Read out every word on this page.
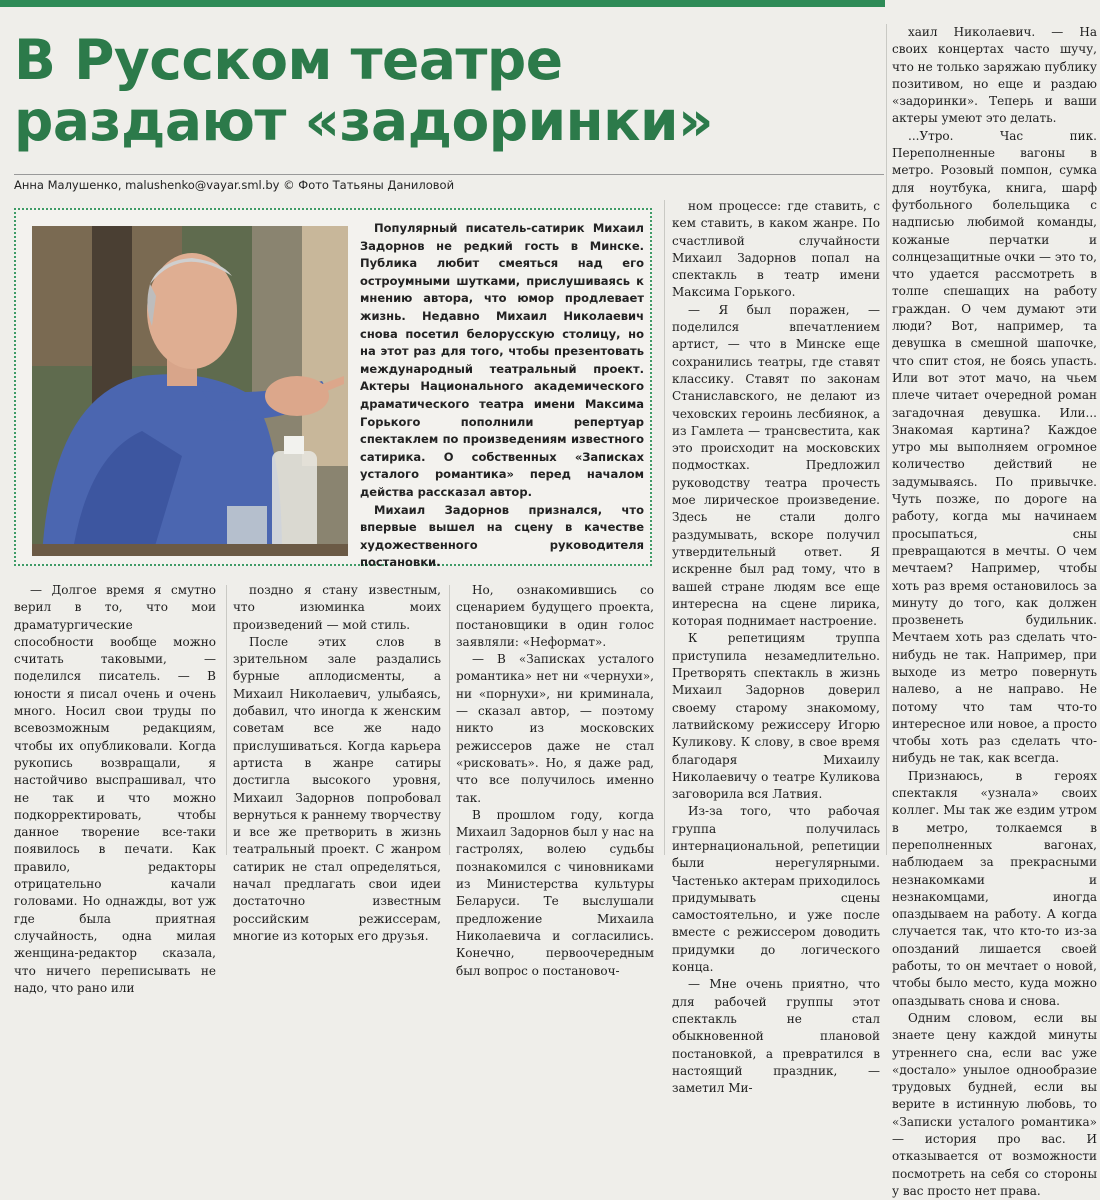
В Русском театре
раздают «задоринки»
Анна Малушенко, malushenko@vayar.sml.by © Фото Татьяны Даниловой

Популярный писатель-сатирик Михаил Задорнов не редкий гость в Минске. Публика любит смеяться над его остроумными шутками, прислушиваясь к мнению автора, что юмор продлевает жизнь. Недавно Михаил Николаевич снова посетил белорусскую столицу, но на этот раз для того, чтобы презентовать международный театральный проект. Актеры Национального академического драматического театра имени Максима Горького пополнили репертуар спектаклем по произведениям известного сатирика. О собственных «Записках усталого романтика» перед началом действа рассказал автор.

Михаил Задорнов признался, что впервые вышел на сцену в качестве художественного руководителя постановки.

— Долгое время я смутно верил в то, что мои драматургические способности вообще можно считать таковыми, — поделился писатель. — В юности я писал очень и очень много. Носил свои труды по всевозможным редакциям, чтобы их опубликовали. Когда рукопись возвращали, я настойчиво выспрашивал, что не так и что можно подкорректировать, чтобы данное творение все-таки появилось в печати. Как правило, редакторы отрицательно качали головами. Но однажды, вот уж где была приятная случайность, одна милая женщина-редактор сказала, что ничего переписывать не надо, что рано или

поздно я стану известным, что изюминка моих произведений — мой стиль.

После этих слов в зрительном зале раздались бурные аплодисменты, а Михаил Николаевич, улыбаясь, добавил, что иногда к женским советам все же надо прислушиваться. Когда карьера артиста в жанре сатиры достигла высокого уровня, Михаил Задорнов попробовал вернуться к раннему творчеству и все же претворить в жизнь театральный проект. С жанром сатирик не стал определяться, начал предлагать свои идеи достаточно известным российским режиссерам, многие из которых его друзья.

Но, ознакомившись со сценарием будущего проекта, постановщики в один голос заявляли: «Неформат».

— В «Записках усталого романтика» нет ни «чернухи», ни «порнухи», ни криминала, — сказал автор, — поэтому никто из московских режиссеров даже не стал «рисковать». Но, я даже рад, что все получилось именно так.

В прошлом году, когда Михаил Задорнов был у нас на гастролях, волею судьбы познакомился с чиновниками из Министерства культуры Беларуси. Те выслушали предложение Михаила Николаевича и согласились. Конечно, первоочередным был вопрос о постановоч-

ном процессе: где ставить, с кем ставить, в каком жанре. По счастливой случайности Михаил Задорнов попал на спектакль в театр имени Максима Горького.

— Я был поражен, — поделился впечатлением артист, — что в Минске еще сохранились театры, где ставят классику. Ставят по законам Станиславского, не делают из чеховских героинь лесбиянок, а из Гамлета — трансвестита, как это происходит на московских подмостках. Предложил руководству театра прочесть мое лирическое произведение. Здесь не стали долго раздумывать, вскоре получил утвердительный ответ. Я искренне был рад тому, что в вашей стране людям все еще интересна на сцене лирика, которая поднимает настроение.

К репетициям труппа приступила незамедлительно. Претворять спектакль в жизнь Михаил Задорнов доверил своему старому знакомому, латвийскому режиссеру Игорю Куликову. К слову, в свое время благодаря Михаилу Николаевичу о театре Куликова заговорила вся Латвия.

Из-за того, что рабочая группа получилась интернациональной, репетиции были нерегулярными. Частенько актерам приходилось придумывать сцены самостоятельно, и уже после вместе с режиссером доводить придумки до логического конца.

— Мне очень приятно, что для рабочей группы этот спектакль не стал обыкновенной плановой постановкой, а превратился в настоящий праздник, — заметил Ми-

хаил Николаевич. — На своих концертах часто шучу, что не только заряжаю публику позитивом, но еще и раздаю «задоринки». Теперь и ваши актеры умеют это делать.

...Утро. Час пик. Переполненные вагоны в метро. Розовый помпон, сумка для ноутбука, книга, шарф футбольного болельщика с надписью любимой команды, кожаные перчатки и солнцезащитные очки — это то, что удается рассмотреть в толпе спешащих на работу граждан. О чем думают эти люди? Вот, например, та девушка в смешной шапочке, что спит стоя, не боясь упасть. Или вот этот мачо, на чьем плече читает очередной роман загадочная девушка. Или... Знакомая картина? Каждое утро мы выполняем огромное количество действий не задумываясь. По привычке. Чуть позже, по дороге на работу, когда мы начинаем просыпаться, сны превращаются в мечты. О чем мечтаем? Например, чтобы хоть раз время остановилось за минуту до того, как должен прозвенеть будильник. Мечтаем хоть раз сделать что-нибудь не так. Например, при выходе из метро повернуть налево, а не направо. Не потому что там что-то интересное или новое, а просто чтобы хоть раз сделать что-нибудь не так, как всегда.

Признаюсь, в героях спектакля «узнала» своих коллег. Мы так же ездим утром в метро, толкаемся в переполненных вагонах, наблюдаем за прекрасными незнакомками и незнакомцами, иногда опаздываем на работу. А когда случается так, что кто-то из-за опозданий лишается своей работы, то он мечтает о новой, чтобы было место, куда можно опаздывать снова и снова.

Одним словом, если вы знаете цену каждой минуты утреннего сна, если вас уже «достало» унылое однообразие трудовых будней, если вы верите в истинную любовь, то «Записки усталого романтика» — история про вас. И отказывается от возможности посмотреть на себя со стороны у вас просто нет права.
